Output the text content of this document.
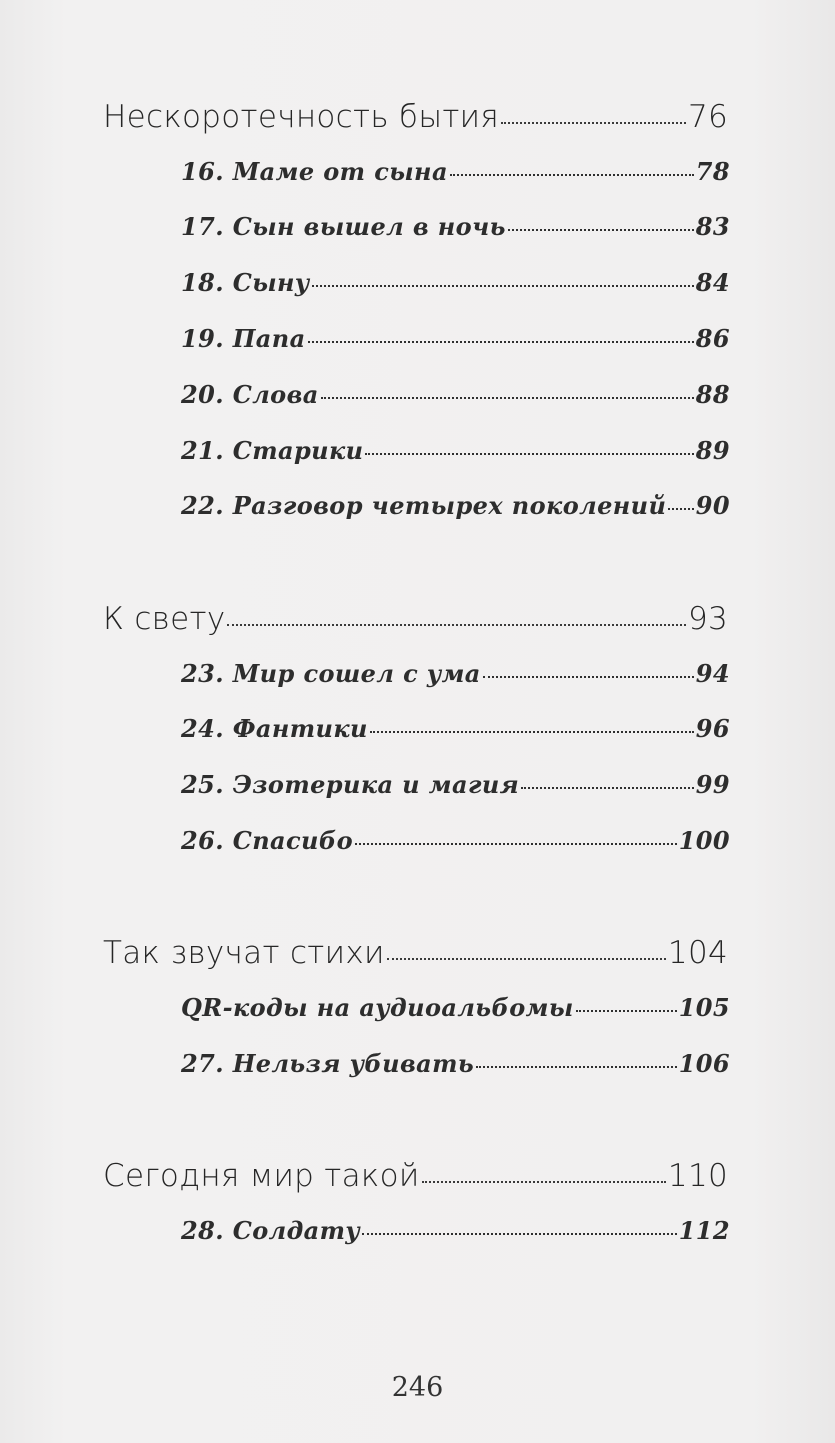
Нескоротечность бытия	76
16. Маме от сына	78
17. Сын вышел в ночь	83
18. Сыну	84
19. Папа	86
20. Слова	88
21. Старики	89
22. Разговор четырех поколений 90
К свету	93
23. Мир сошел с ума	94
24. Фантики	96
25. Эзотерика и магия	99
26. Спасибо	100
Так звучат стихи	104
QR-коды на аудиоальбомы	105
27. Нельзя убивать	106
Сегодня мир такой	110
28. Солдату	112
246
